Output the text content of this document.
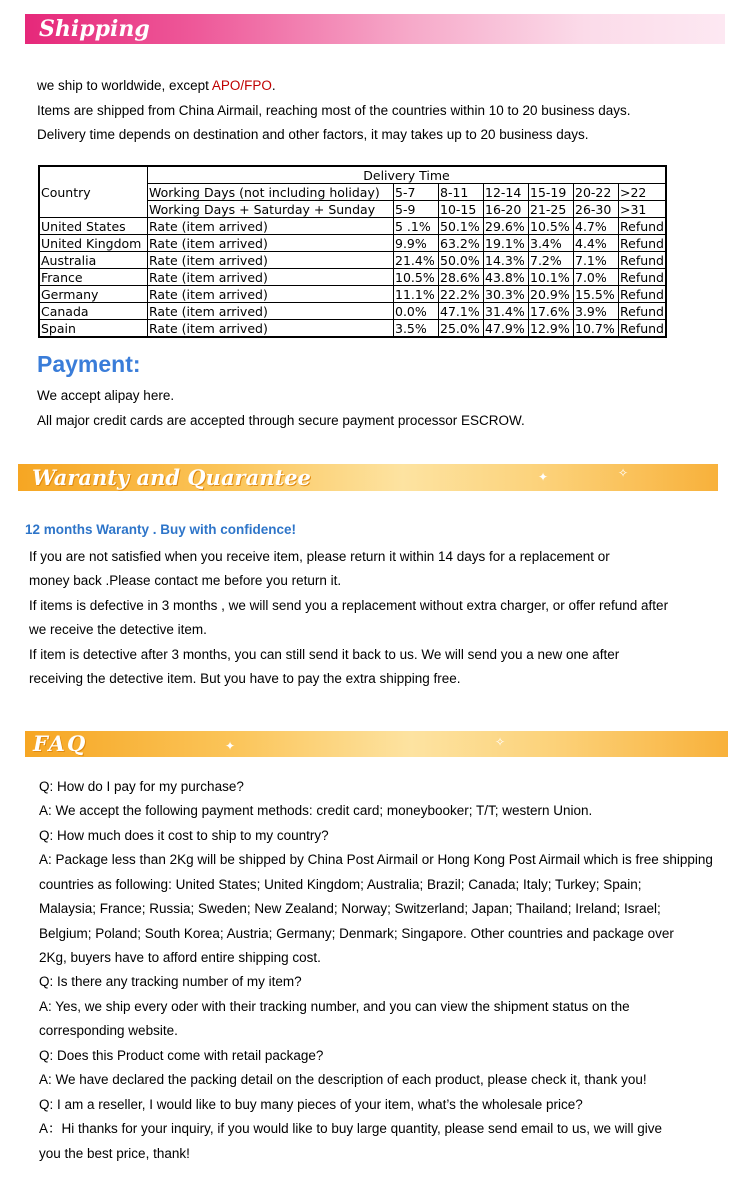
Shipping
we ship to worldwide, except APO/FPO.
Items are shipped from China Airmail, reaching most of the countries within 10 to 20 business days.
Delivery time depends on destination and other factors, it may takes up to 20 business days.
Country	Delivery Time						
	Working Days (not including holiday)	5-7	8-11	12-14	15-19	20-22	>22
	Working Days + Saturday + Sunday	5-9	10-15	16-20	21-25	26-30	>31
United States	Rate (item arrived)	5 .1%	50.1%	29.6%	10.5%	4.7%	Refund
United Kingdom	Rate (item arrived)	9.9%	63.2%	19.1%	3.4%	4.4%	Refund
Australia	Rate (item arrived)	21.4%	50.0%	14.3%	7.2%	7.1%	Refund
France	Rate (item arrived)	10.5%	28.6%	43.8%	10.1%	7.0%	Refund
Germany	Rate (item arrived)	11.1%	22.2%	30.3%	20.9%	15.5%	Refund
Canada	Rate (item arrived)	0.0%	47.1%	31.4%	17.6%	3.9%	Refund
Spain	Rate (item arrived)	3.5%	25.0%	47.9%	12.9%	10.7%	Refund
Payment:
We accept alipay here.
All major credit cards are accepted through secure payment processor ESCROW.
Waranty and Quarantee	✦	✧
12 months Waranty . Buy with confidence!
If you are not satisfied when you receive item, please return it within 14 days for a replacement or
money back .Please contact me before you return it.
If items is defective in 3 months , we will send you a replacement without extra charger, or offer refund after
we receive the detective item.
If item is detective after 3 months, you can still send it back to us. We will send you a new one after
receiving the detective item. But you have to pay the extra shipping free.
FAQ	✦	✧
Q: How do I pay for my purchase?
A: We accept the following payment methods: credit card; moneybooker; T/T; western Union.
Q: How much does it cost to ship to my country?
A: Package less than 2Kg will be shipped by China Post Airmail or Hong Kong Post Airmail which is free shipping
countries as following: United States; United Kingdom; Australia; Brazil; Canada; Italy; Turkey; Spain;
Malaysia; France; Russia; Sweden; New Zealand; Norway; Switzerland; Japan; Thailand; Ireland; Israel;
Belgium; Poland; South Korea; Austria; Germany; Denmark; Singapore. Other countries and package over
2Kg, buyers have to afford entire shipping cost.
Q: Is there any tracking number of my item?
A: Yes, we ship every oder with their tracking number, and you can view the shipment status on the
corresponding website.
Q: Does this Product come with retail package?
A: We have declared the packing detail on the description of each product, please check it, thank you!
Q: I am a reseller, I would like to buy many pieces of your item, what’s the wholesale price?
A：Hi thanks for your inquiry, if you would like to buy large quantity, please send email to us, we will give
you the best price, thank!
